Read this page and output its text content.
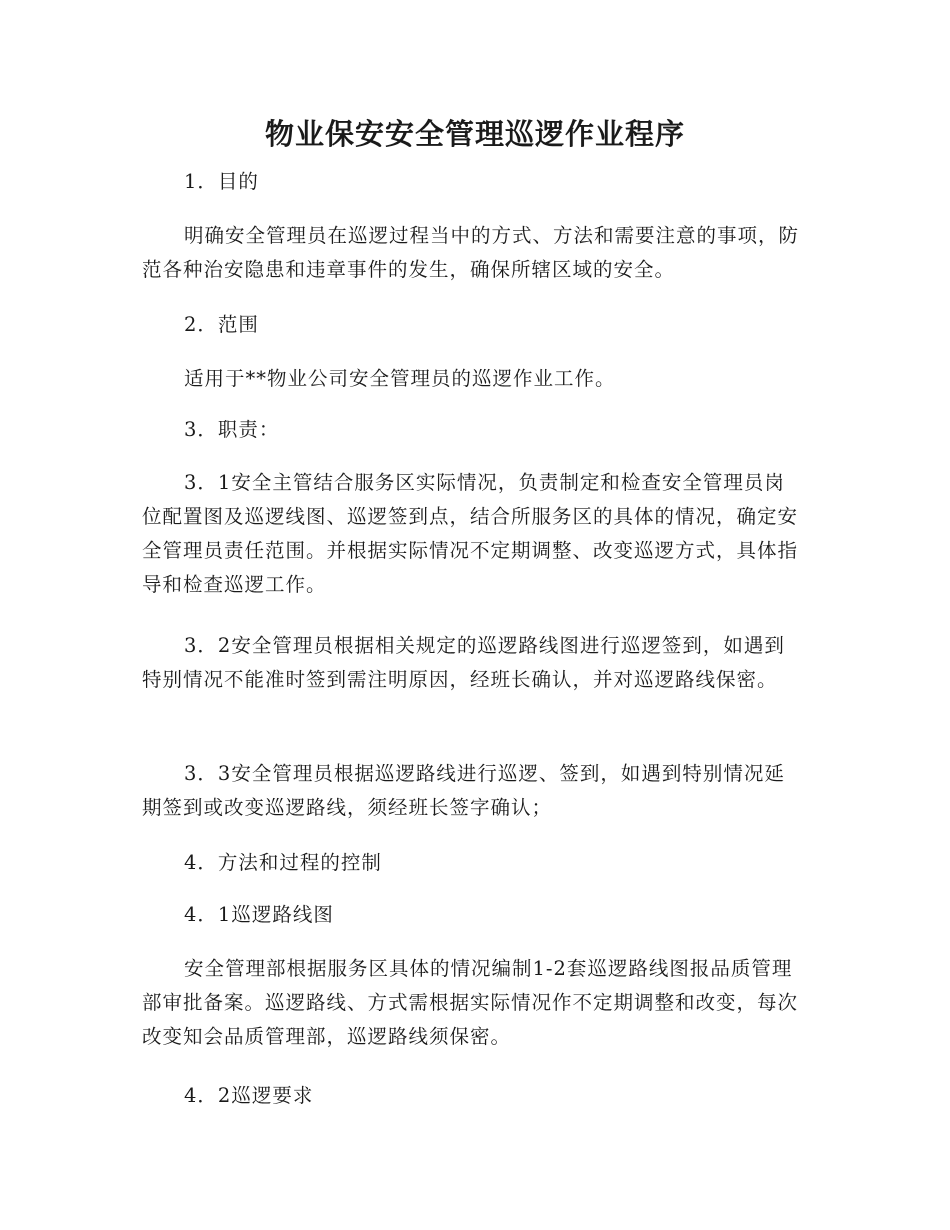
物业保安安全管理巡逻作业程序

1．目的

明确安全管理员在巡逻过程当中的方式、方法和需要注意的事项，防范各种治安隐患和违章事件的发生，确保所辖区域的安全。

2．范围

适用于**物业公司安全管理员的巡逻作业工作。

3．职责：

3．1安全主管结合服务区实际情况，负责制定和检查安全管理员岗位配置图及巡逻线图、巡逻签到点，结合所服务区的具体的情况，确定安全管理员责任范围。并根据实际情况不定期调整、改变巡逻方式，具体指导和检查巡逻工作。

3．2安全管理员根据相关规定的巡逻路线图进行巡逻签到，如遇到特别情况不能准时签到需注明原因，经班长确认，并对巡逻路线保密。

3．3安全管理员根据巡逻路线进行巡逻、签到，如遇到特别情况延期签到或改变巡逻路线，须经班长签字确认；

4．方法和过程的控制

4．1巡逻路线图

安全管理部根据服务区具体的情况编制1-2套巡逻路线图报品质管理部审批备案。巡逻路线、方式需根据实际情况作不定期调整和改变，每次改变知会品质管理部，巡逻路线须保密。

4．2巡逻要求
